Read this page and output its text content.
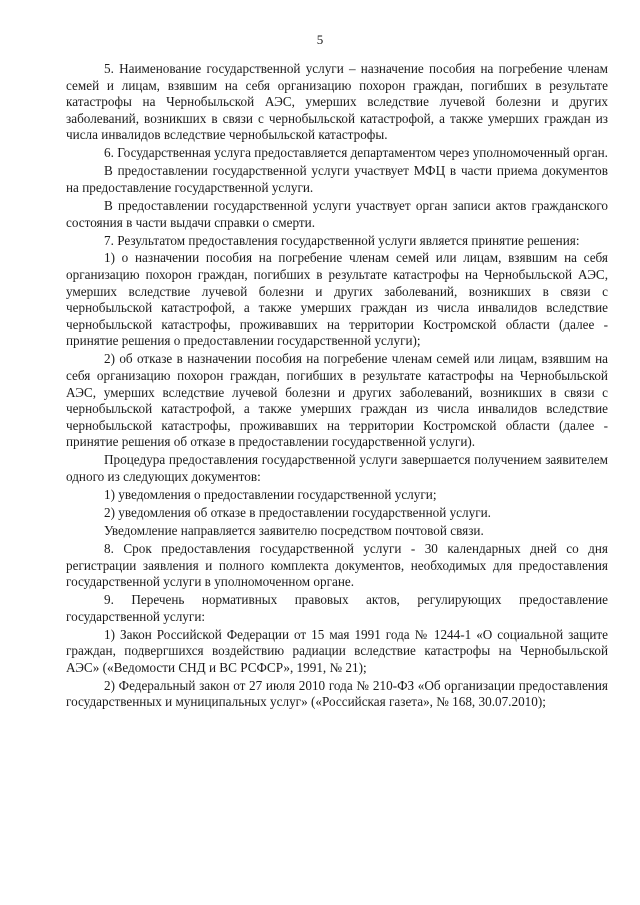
5

5. Наименование государственной услуги – назначение пособия на погребение членам семей и лицам, взявшим на себя организацию похорон граждан, погибших в результате катастрофы на Чернобыльской АЭС, умерших вследствие лучевой болезни и других заболеваний, возникших в связи с чернобыльской катастрофой, а также умерших граждан из числа инвалидов вследствие чернобыльской катастрофы.

6. Государственная услуга предоставляется департаментом через уполномоченный орган.

В предоставлении государственной услуги участвует МФЦ в части приема документов на предоставление государственной услуги.

В предоставлении государственной услуги участвует орган записи актов гражданского состояния в части выдачи справки о смерти.

7. Результатом предоставления государственной услуги является принятие решения:

1) о назначении пособия на погребение членам семей или лицам, взявшим на себя организацию похорон граждан, погибших в результате катастрофы на Чернобыльской АЭС, умерших вследствие лучевой болезни и других заболеваний, возникших в связи с чернобыльской катастрофой, а также умерших граждан из числа инвалидов вследствие чернобыльской катастрофы, проживавших на территории Костромской области (далее - принятие решения о предоставлении государственной услуги);

2) об отказе в назначении пособия на погребение членам семей или лицам, взявшим на себя организацию похорон граждан, погибших в результате катастрофы на Чернобыльской АЭС, умерших вследствие лучевой болезни и других заболеваний, возникших в связи с чернобыльской катастрофой, а также умерших граждан из числа инвалидов вследствие чернобыльской катастрофы, проживавших на территории Костромской области (далее - принятие решения об отказе в предоставлении государственной услуги).

Процедура предоставления государственной услуги завершается получением заявителем одного из следующих документов:

1) уведомления о предоставлении государственной услуги;

2) уведомления об отказе в предоставлении государственной услуги.

Уведомление направляется заявителю посредством почтовой связи.

8. Срок предоставления государственной услуги - 30 календарных дней со дня регистрации заявления и полного комплекта документов, необходимых для предоставления государственной услуги в уполномоченном органе.

9. Перечень нормативных правовых актов, регулирующих предоставление государственной услуги:

1) Закон Российской Федерации от 15 мая 1991 года № 1244-1 «О социальной защите граждан, подвергшихся воздействию радиации вследствие катастрофы на Чернобыльской АЭС» («Ведомости СНД и ВС РСФСР», 1991, № 21);

2) Федеральный закон от 27 июля 2010 года № 210-ФЗ «Об организации предоставления государственных и муниципальных услуг» («Российская газета», № 168, 30.07.2010);
